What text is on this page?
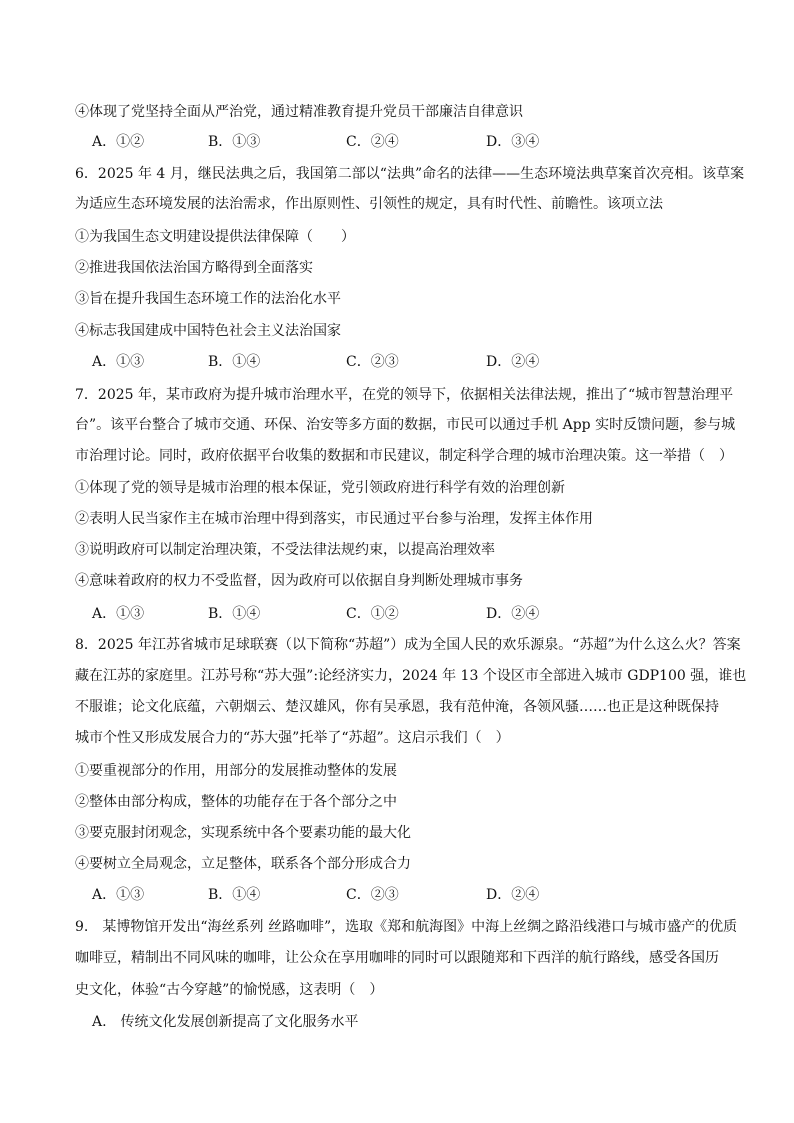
④体现了党坚持全面从严治党，通过精准教育提升党员干部廉洁自律意识
A．①②	B．①③	C．②④	D．③④
6．2025 年 4 月，继民法典之后，我国第二部以“法典”命名的法律——生态环境法典草案首次亮相。该草案
为适应生态环境发展的法治需求，作出原则性、引领性的规定，具有时代性、前瞻性。该项立法
①为我国生态文明建设提供法律保障（　　）
②推进我国依法治国方略得到全面落实
③旨在提升我国生态环境工作的法治化水平
④标志我国建成中国特色社会主义法治国家
A．①③	B．①④	C．②③	D．②④
7．2025 年，某市政府为提升城市治理水平，在党的领导下，依据相关法律法规，推出了“城市智慧治理平
台”。该平台整合了城市交通、环保、治安等多方面的数据，市民可以通过手机 App 实时反馈问题，参与城
市治理讨论。同时，政府依据平台收集的数据和市民建议，制定科学合理的城市治理决策。这一举措（　）
①体现了党的领导是城市治理的根本保证，党引领政府进行科学有效的治理创新
②表明人民当家作主在城市治理中得到落实，市民通过平台参与治理，发挥主体作用
③说明政府可以制定治理决策，不受法律法规约束，以提高治理效率
④意味着政府的权力不受监督，因为政府可以依据自身判断处理城市事务
A．①③	B．①④	C．①②	D．②④
8．2025 年江苏省城市足球联赛（以下简称“苏超”）成为全国人民的欢乐源泉。“苏超”为什么这么火？答案
藏在江苏的家庭里。江苏号称“苏大强”:论经济实力，2024 年 13 个设区市全部进入城市 GDP100 强，谁也
不服谁；论文化底蕴，六朝烟云、楚汉雄风，你有吴承恩，我有范仲淹，各领风骚……也正是这种既保持
城市个性又形成发展合力的“苏大强”托举了“苏超”。这启示我们（　）
①要重视部分的作用，用部分的发展推动整体的发展
②整体由部分构成，整体的功能存在于各个部分之中
③要克服封闭观念，实现系统中各个要素功能的最大化
④要树立全局观念，立足整体，联系各个部分形成合力
A．①③	B．①④	C．②③	D．②④
9.　某博物馆开发出“海丝系列 丝路咖啡”，选取《郑和航海图》中海上丝绸之路沿线港口与城市盛产的优质
咖啡豆，精制出不同风味的咖啡，让公众在享用咖啡的同时可以跟随郑和下西洋的航行路线，感受各国历
史文化，体验“古今穿越”的愉悦感，这表明（　）
A.　传统文化发展创新提高了文化服务水平
